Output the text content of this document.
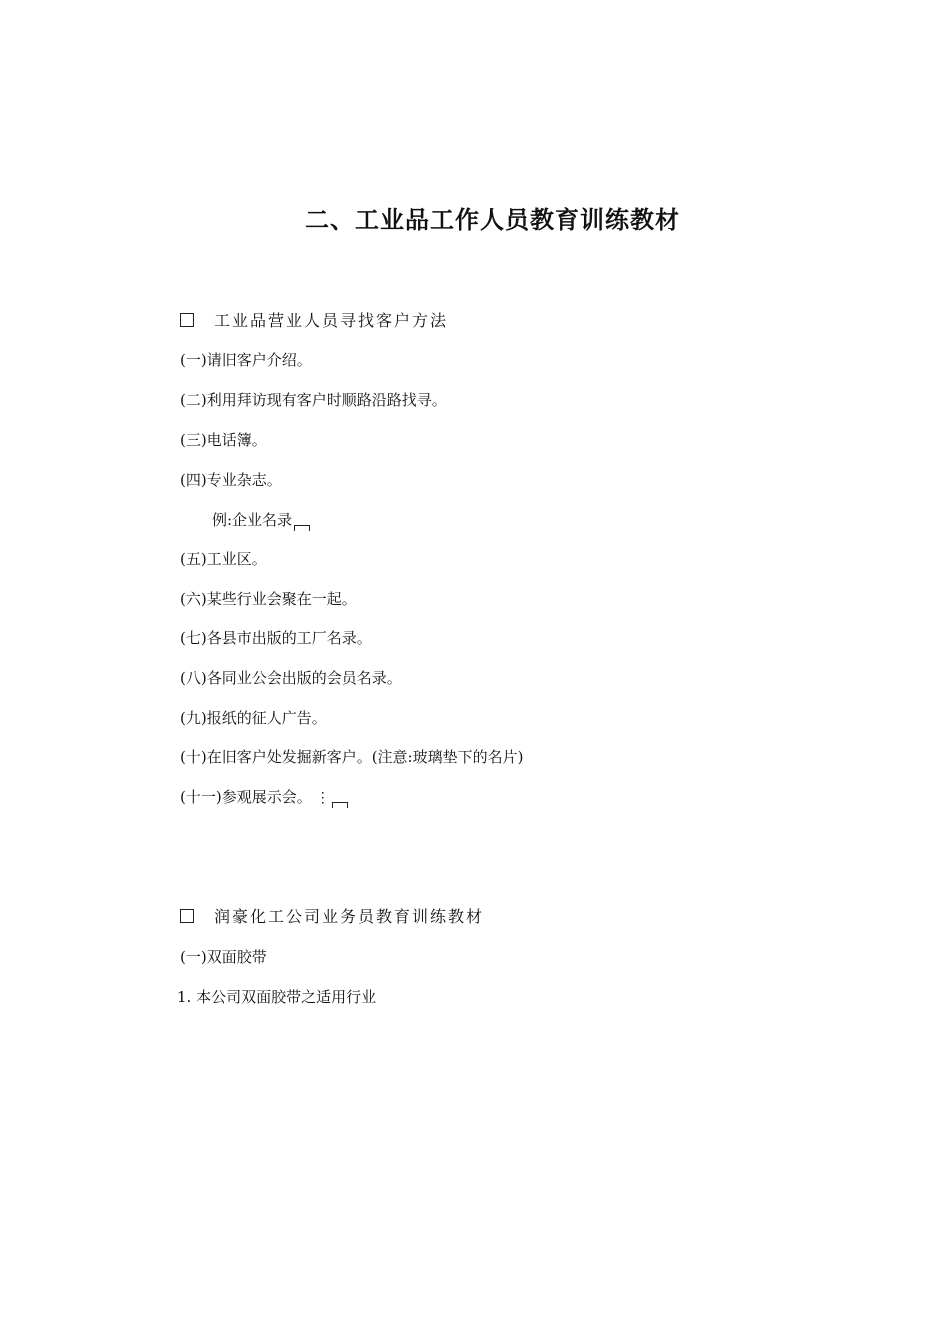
二、工业品工作人员教育训练教材
工业品营业人员寻找客户方法
(一)请旧客户介绍。
(二)利用拜访现有客户时顺路沿路找寻。
(三)电话簿。
(四)专业杂志。
例:企业名录
(五)工业区。
(六)某些行业会聚在一起。
(七)各县市出版的工厂名录。
(八)各同业公会出版的会员名录。
(九)报纸的征人广告。
(十)在旧客户处发掘新客户。(注意:玻璃垫下的名片)
(十一)参观展示会。 ⋮
润豪化工公司业务员教育训练教材
(一)双面胶带
1. 本公司双面胶带之适用行业
